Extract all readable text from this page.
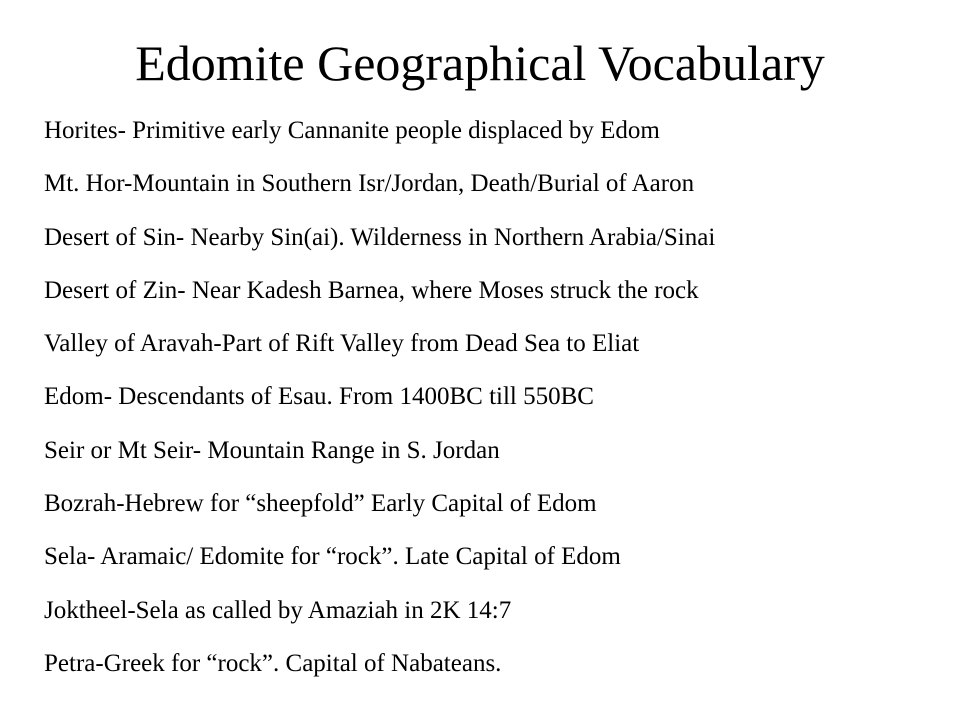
Edomite Geographical Vocabulary
Horites- Primitive early Cannanite people displaced by Edom
Mt. Hor-Mountain in Southern Isr/Jordan, Death/Burial of Aaron
Desert of Sin- Nearby Sin(ai). Wilderness in Northern Arabia/Sinai
Desert of Zin- Near Kadesh Barnea, where Moses struck the rock
Valley of Aravah-Part of Rift Valley from Dead Sea to Eliat
Edom- Descendants of Esau. From 1400BC till 550BC
Seir or Mt Seir- Mountain Range in S. Jordan
Bozrah-Hebrew for “sheepfold” Early Capital of Edom
Sela- Aramaic/ Edomite for “rock”. Late Capital of Edom
Joktheel-Sela as called by Amaziah in 2K 14:7
Petra-Greek for “rock”. Capital of Nabateans.
